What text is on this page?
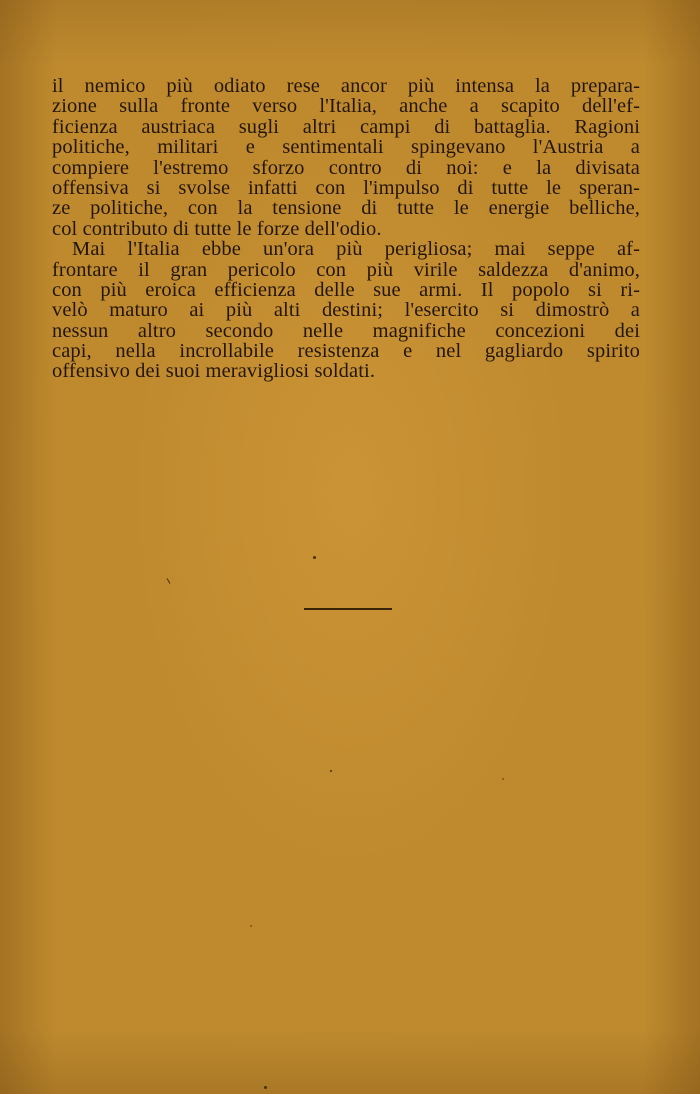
il nemico più odiato rese ancor più intensa la prepara-
zione sulla fronte verso l'Italia, anche a scapito dell'ef-
ficienza austriaca sugli altri campi di battaglia. Ragioni
politiche, militari e sentimentali spingevano l'Austria a
compiere l'estremo sforzo contro di noi: e la divisata
offensiva si svolse infatti con l'impulso di tutte le speran-
ze politiche, con la tensione di tutte le energie belliche,
col contributo di tutte le forze dell'odio.
Mai l'Italia ebbe un'ora più perigliosa; mai seppe af-
frontare il gran pericolo con più virile saldezza d'animo,
con più eroica efficienza delle sue armi. Il popolo si ri-
velò maturo ai più alti destini; l'esercito si dimostrò a
nessun altro secondo nelle magnifiche concezioni dei
capi, nella incrollabile resistenza e nel gagliardo spirito
offensivo dei suoi meravigliosi soldati.
